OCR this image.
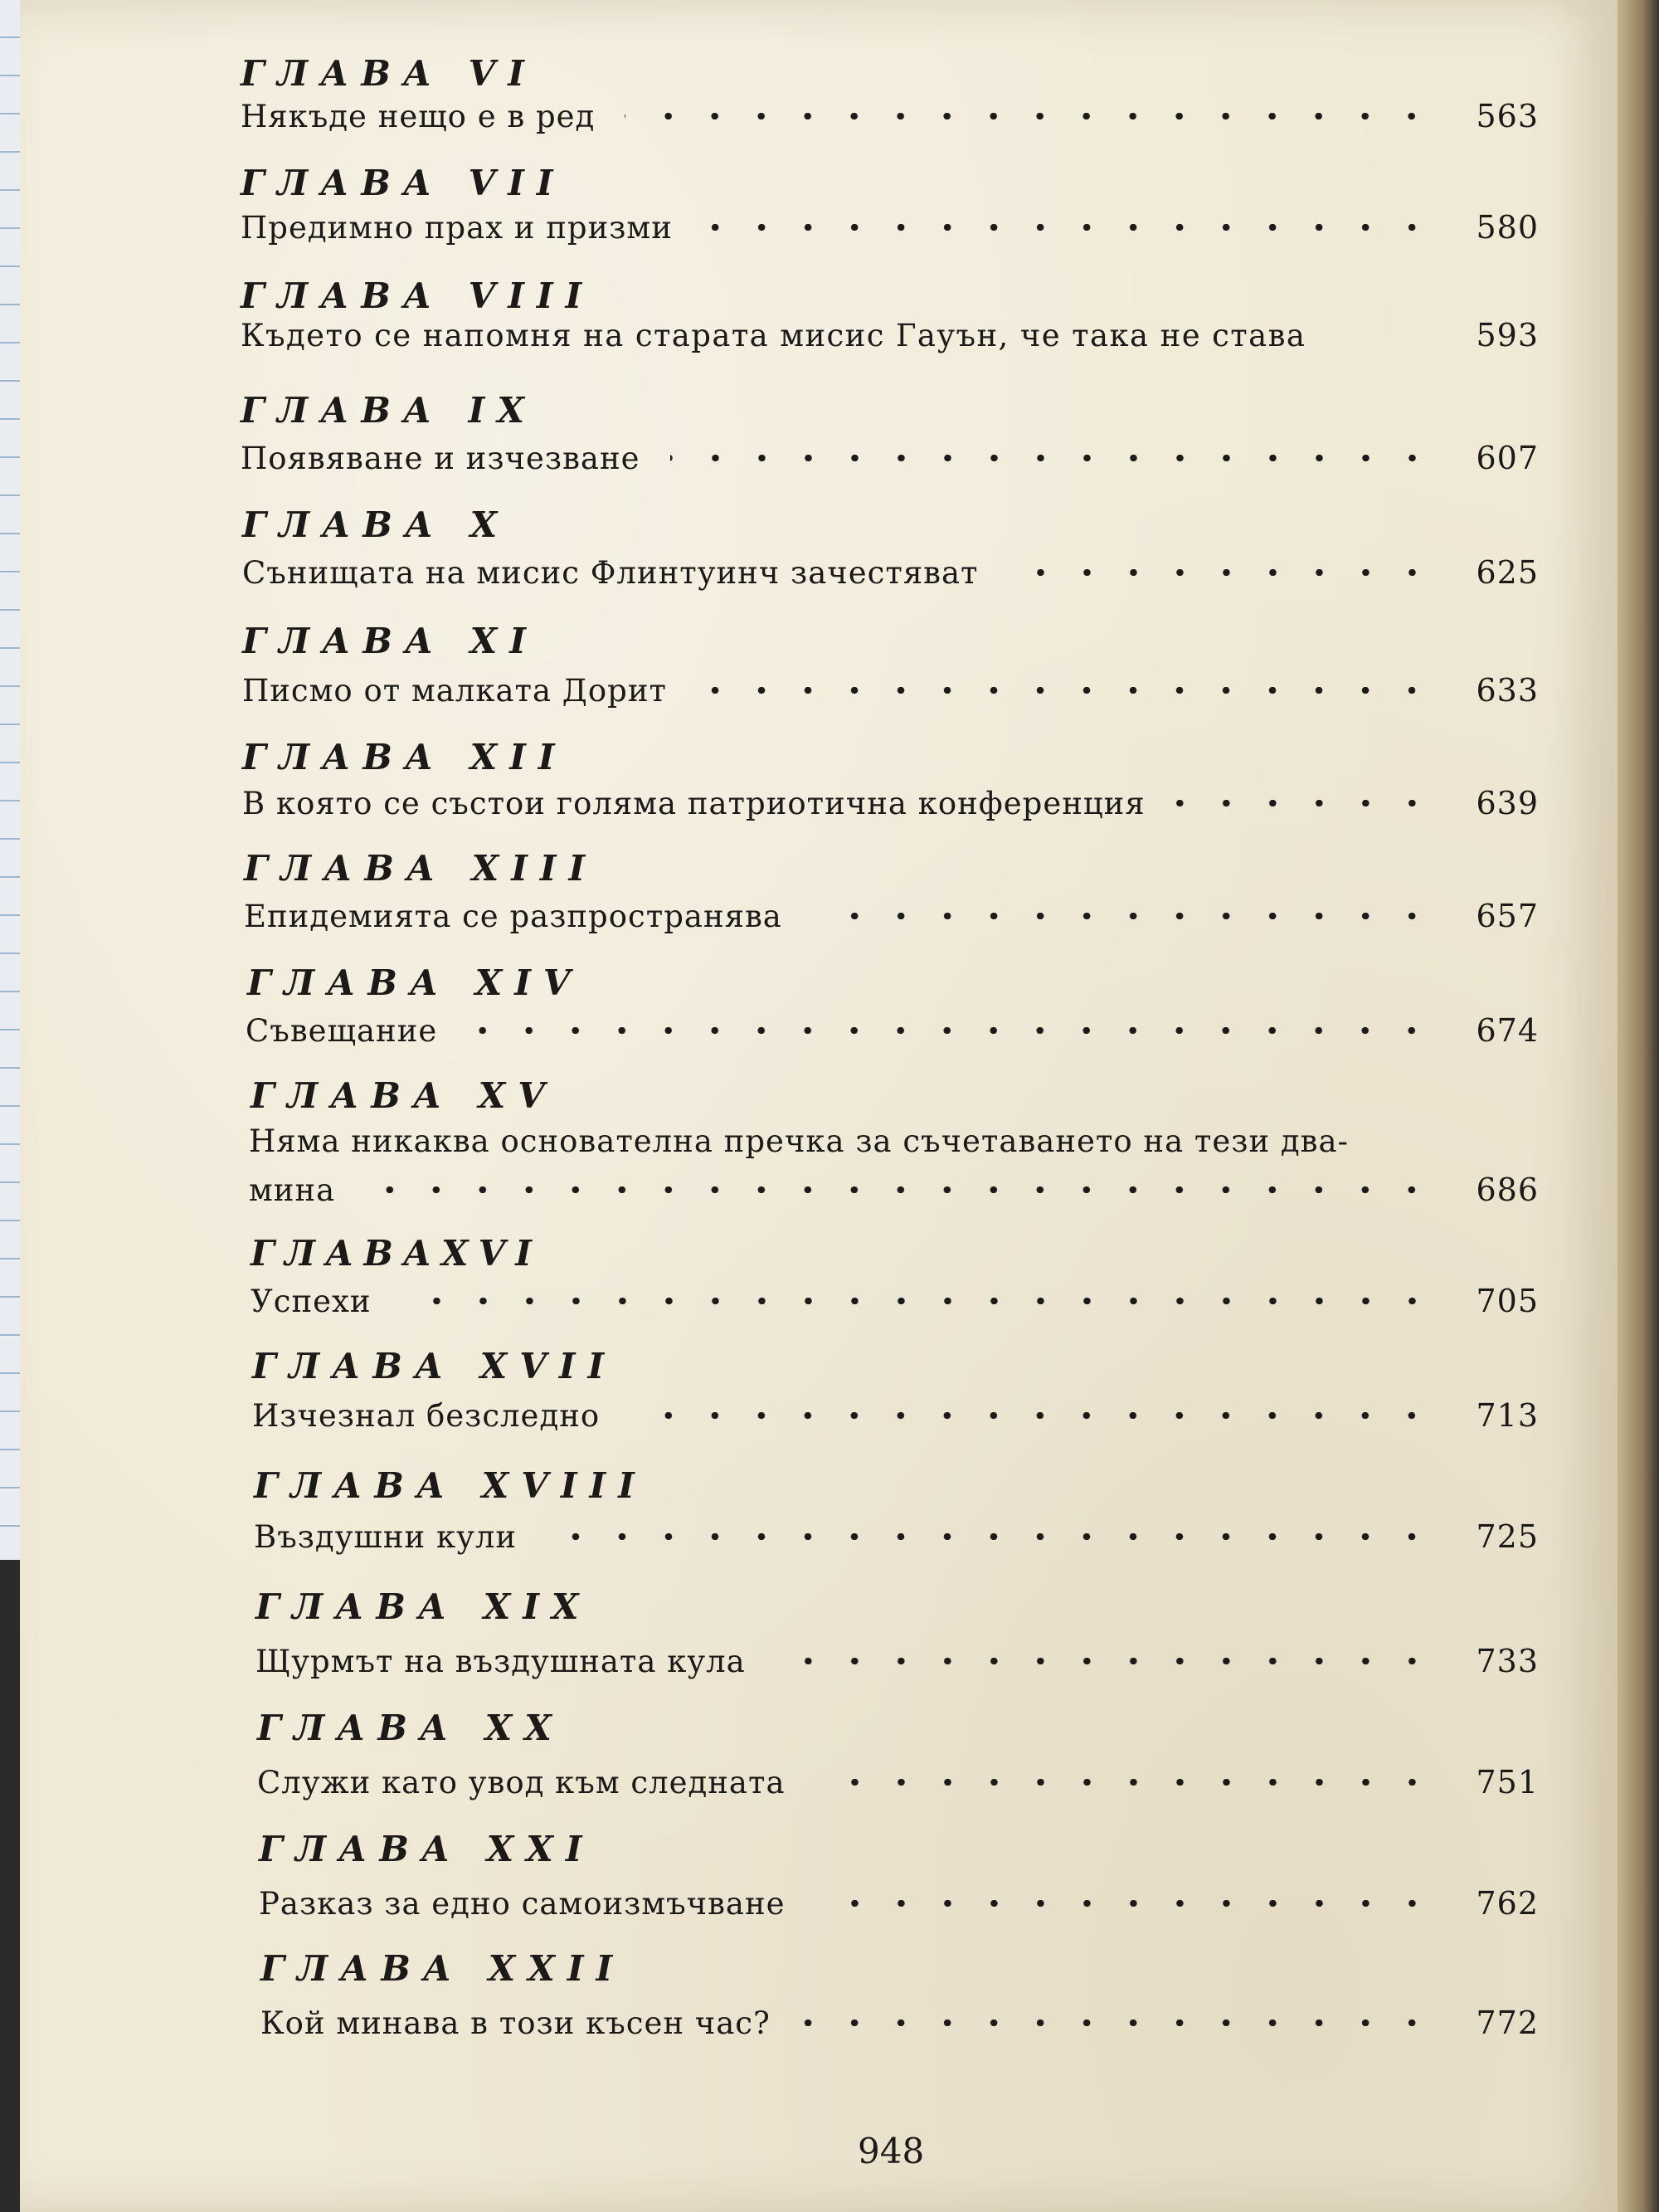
ГЛАВА VI
Някъде нещо е в ред	563
ГЛАВА VII
Предимно прах и призми	580
ГЛАВА VIII
Където се напомня на старата мисис Гауън, че така не става	593
ГЛАВА IX
Появяване и изчезване	607
ГЛАВА X
Сънищата на мисис Флинтуинч зачестяват	625
ГЛАВА XI
Писмо от малката Дорит	633
ГЛАВА XII
В която се състои голяма патриотична конференция	639
ГЛАВА XIII
Епидемията се разпространява	657
ГЛАВА XIV
Съвещание	674
ГЛАВА XV
Няма никаква основателна пречка за съчетаването на тези два-
мина	686
ГЛАВАXVI
Успехи	705
ГЛАВА XVII
Изчезнал безследно	713
ГЛАВА XVIII
Въздушни кули	725
ГЛАВА XIX
Щурмът на въздушната кула	733
ГЛАВА XX
Служи като увод към следната	751
ГЛАВА XXI
Разказ за едно самоизмъчване	762
ГЛАВА XXII
Кой минава в този късен час?	772
948
